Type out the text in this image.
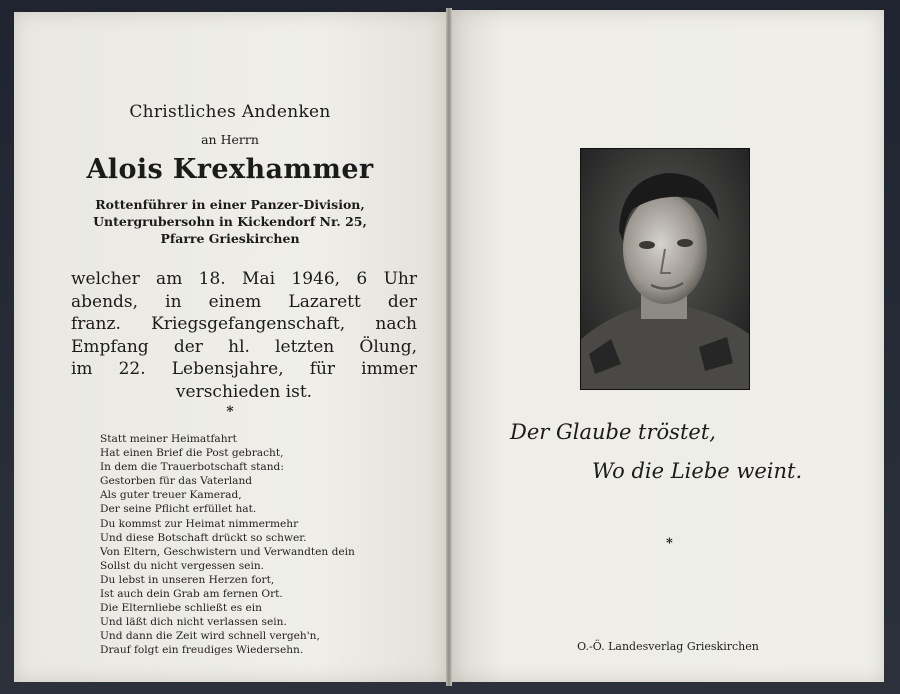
Christliches Andenken
an Herrn
Alois Krexhammer
Rottenführer in einer Panzer-Division,
Untergrubersohn in Kickendorf Nr. 25,
Pfarre Grieskirchen
welcher am 18. Mai 1946, 6 Uhr
abends, in einem Lazarett der
franz. Kriegsgefangenschaft, nach
Empfang der hl. letzten Ölung,
im 22. Lebensjahre, für immer
verschieden ist.
*
Statt meiner Heimatfahrt
Hat einen Brief die Post gebracht,
In dem die Trauerbotschaft stand:
Gestorben für das Vaterland
Als guter treuer Kamerad,
Der seine Pflicht erfüllet hat.
Du kommst zur Heimat nimmermehr
Und diese Botschaft drückt so schwer.
Von Eltern, Geschwistern und Verwandten dein
Sollst du nicht vergessen sein.
Du lebst in unseren Herzen fort,
Ist auch dein Grab am fernen Ort.
Die Elternliebe schließt es ein
Und läßt dich nicht verlassen sein.
Und dann die Zeit wird schnell vergeh'n,
Drauf folgt ein freudiges Wiedersehn.
Der Glaube tröstet,
Wo die Liebe weint.
*
O.-Ö. Landesverlag Grieskirchen
